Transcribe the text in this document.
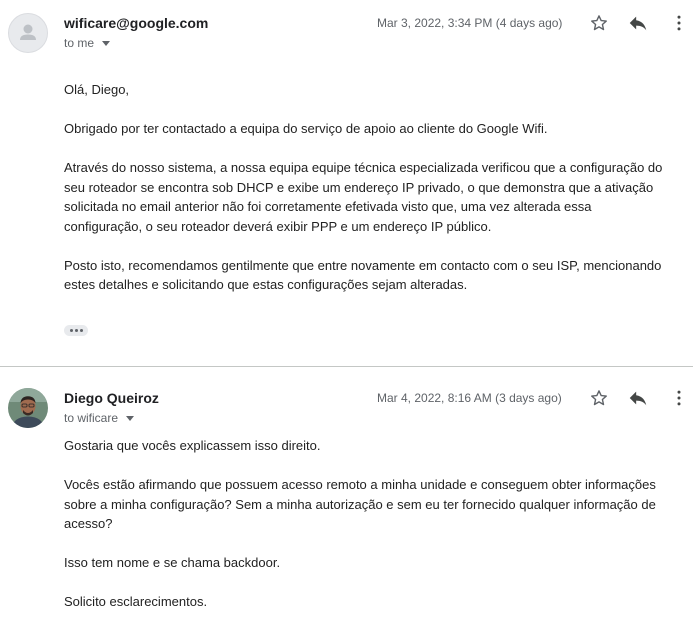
wificare@google.com
to me
Mar 3, 2022, 3:34 PM (4 days ago)

Olá, Diego,

Obrigado por ter contactado a equipa do serviço de apoio ao cliente do Google Wifi.

Através do nosso sistema, a nossa equipa equipe técnica especializada verificou que a configuração do seu roteador se encontra sob DHCP e exibe um endereço IP privado, o que demonstra que a ativação solicitada no email anterior não foi corretamente efetivada visto que, uma vez alterada essa configuração, o seu roteador deverá exibir PPP e um endereço IP público.

Posto isto, recomendamos gentilmente que entre novamente em contacto com o seu ISP, mencionando estes detalhes e solicitando que estas configurações sejam alteradas.

Diego Queiroz
to wificare
Mar 4, 2022, 8:16 AM (3 days ago)

Gostaria que vocês explicassem isso direito.

Vocês estão afirmando que possuem acesso remoto a minha unidade e conseguem obter informações sobre a minha configuração? Sem a minha autorização e sem eu ter fornecido qualquer informação de acesso?

Isso tem nome e se chama backdoor.

Solicito esclarecimentos.
